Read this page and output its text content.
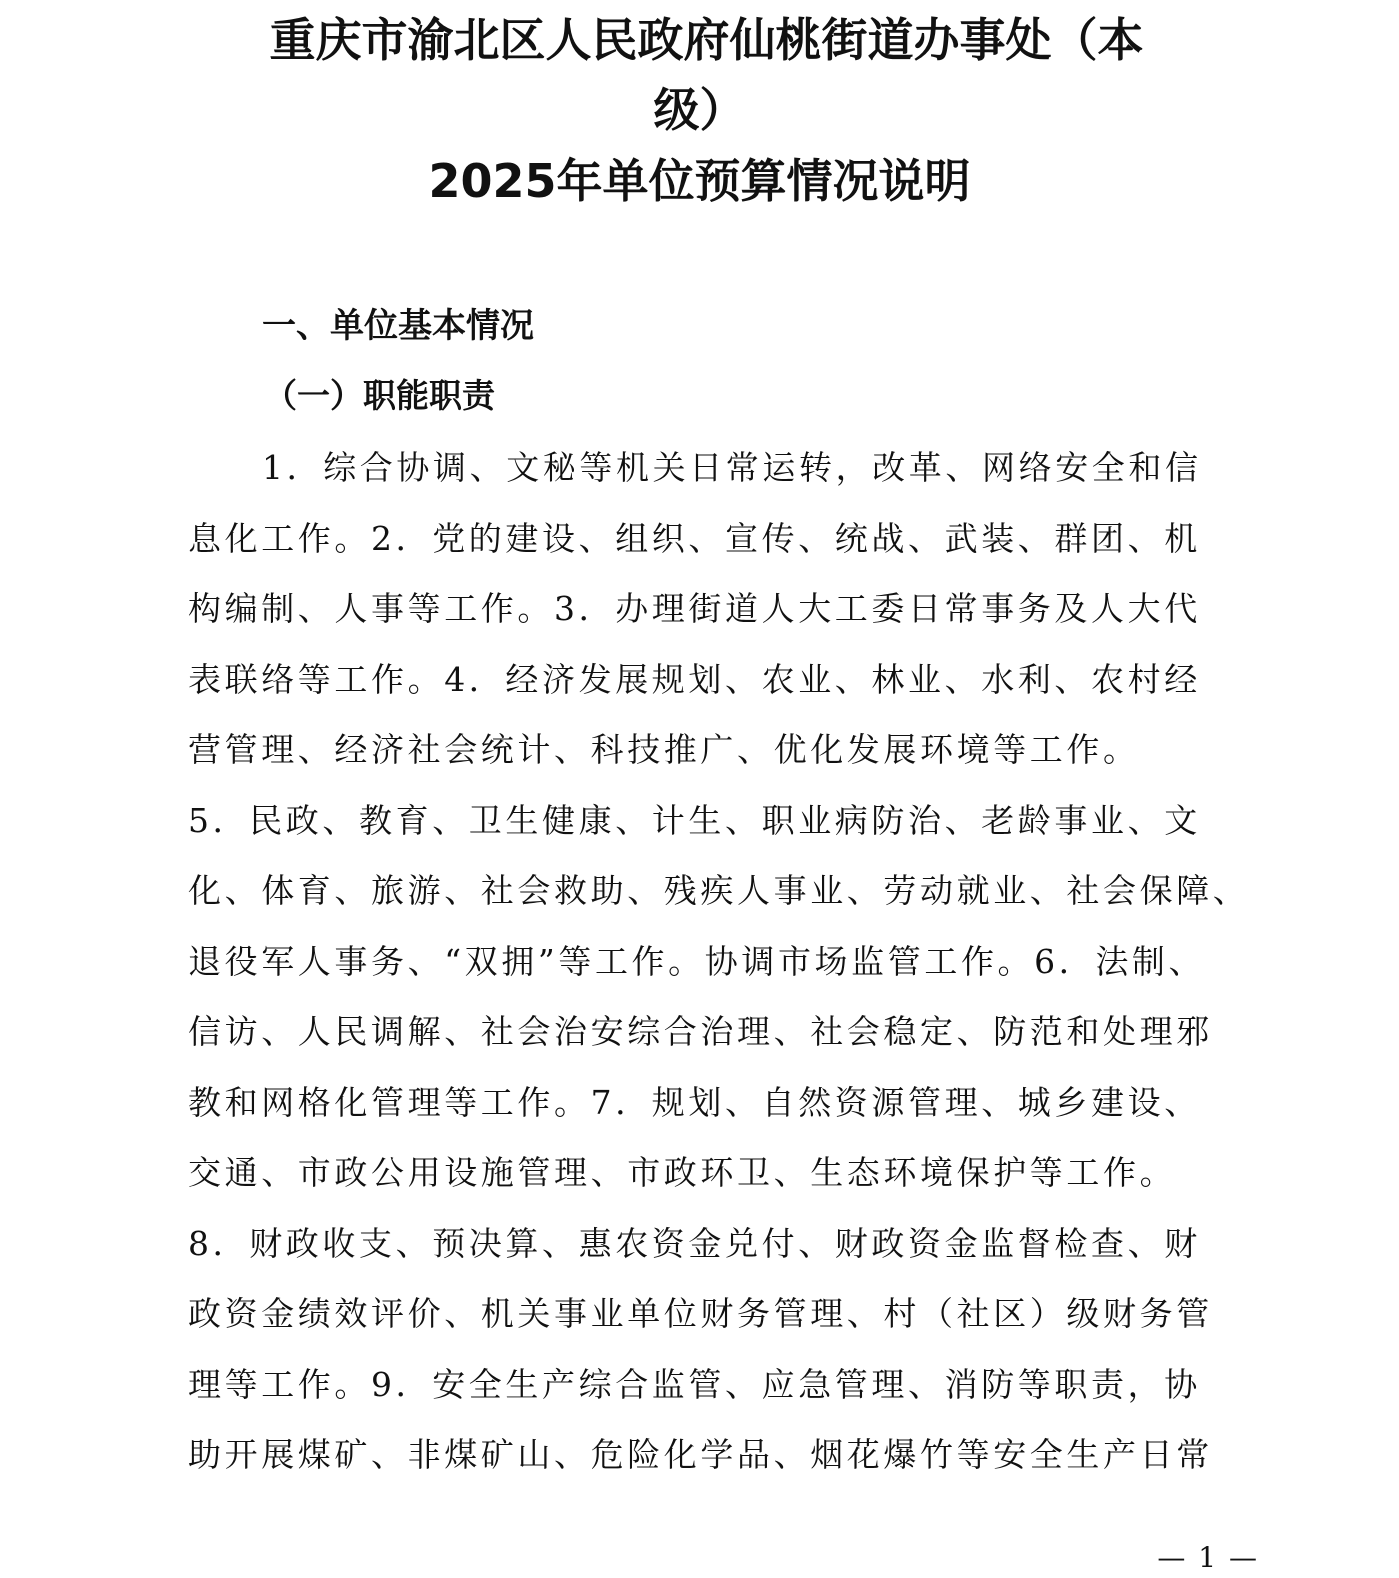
重庆市渝北区人民政府仙桃街道办事处（本
级）
2025年单位预算情况说明
一、单位基本情况
（一）职能职责
1．综合协调、文秘等机关日常运转，改革、网络安全和信
息化工作。2．党的建设、组织、宣传、统战、武装、群团、机
构编制、人事等工作。3．办理街道人大工委日常事务及人大代
表联络等工作。4．经济发展规划、农业、林业、水利、农村经
营管理、经济社会统计、科技推广、优化发展环境等工作。
5．民政、教育、卫生健康、计生、职业病防治、老龄事业、文
化、体育、旅游、社会救助、残疾人事业、劳动就业、社会保障、
退役军人事务、“双拥”等工作。协调市场监管工作。6．法制、
信访、人民调解、社会治安综合治理、社会稳定、防范和处理邪
教和网格化管理等工作。7．规划、自然资源管理、城乡建设、
交通、市政公用设施管理、市政环卫、生态环境保护等工作。
8．财政收支、预决算、惠农资金兑付、财政资金监督检查、财
政资金绩效评价、机关事业单位财务管理、村（社区）级财务管
理等工作。9．安全生产综合监管、应急管理、消防等职责，协
助开展煤矿、非煤矿山、危险化学品、烟花爆竹等安全生产日常
— 1 —
